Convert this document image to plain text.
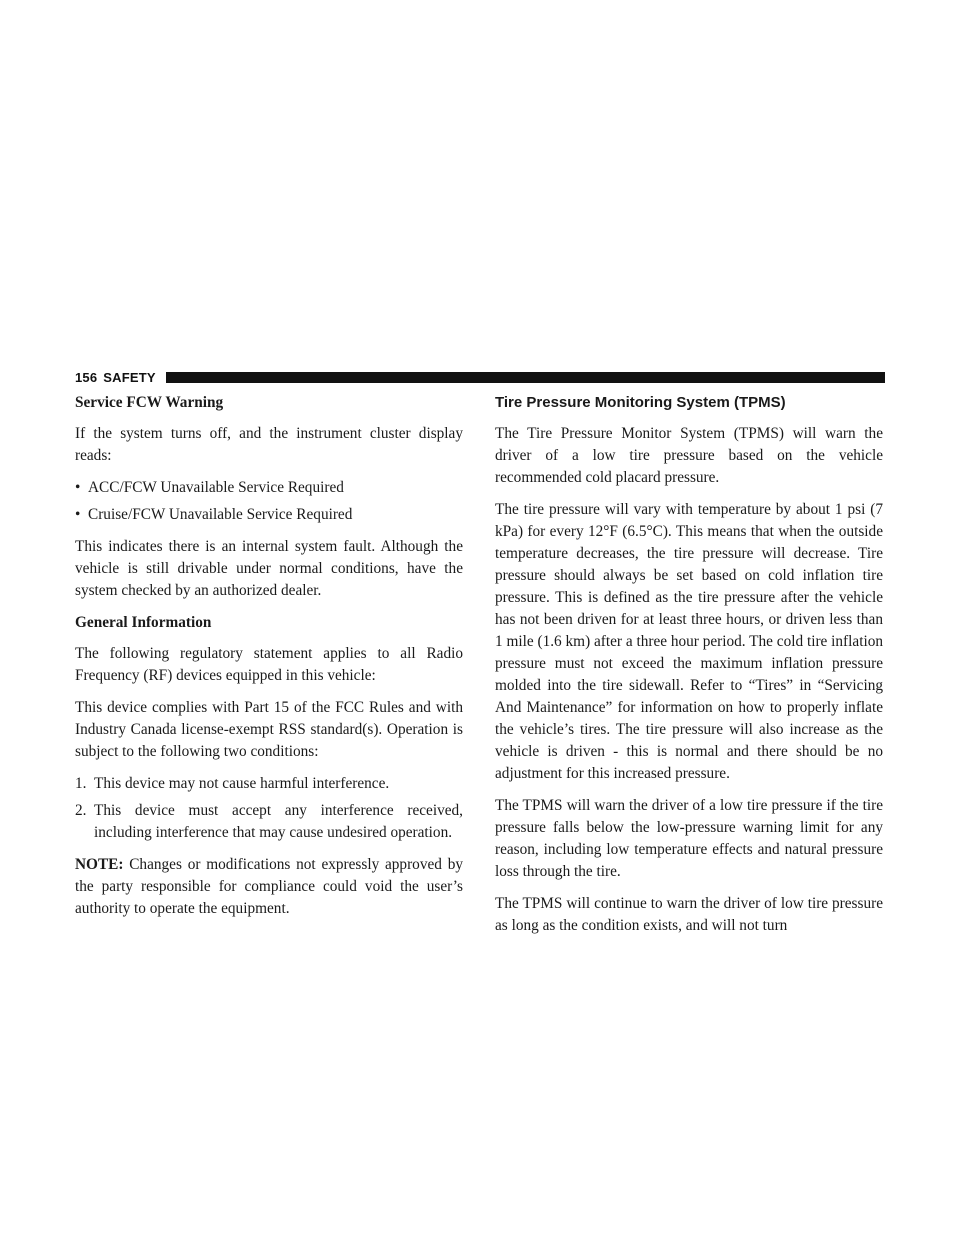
156 SAFETY
Service FCW Warning

If the system turns off, and the instrument cluster display reads:

• ACC/FCW Unavailable Service Required
• Cruise/FCW Unavailable Service Required

This indicates there is an internal system fault. Although the vehicle is still drivable under normal conditions, have the system checked by an authorized dealer.

General Information

The following regulatory statement applies to all Radio Frequency (RF) devices equipped in this vehicle:

This device complies with Part 15 of the FCC Rules and with Industry Canada license-exempt RSS standard(s). Operation is subject to the following two conditions:

1. This device may not cause harmful interference.
2. This device must accept any interference received, including interference that may cause undesired operation.

NOTE: Changes or modifications not expressly approved by the party responsible for compliance could void the user’s authority to operate the equipment.

Tire Pressure Monitoring System (TPMS)

The Tire Pressure Monitor System (TPMS) will warn the driver of a low tire pressure based on the vehicle recommended cold placard pressure.

The tire pressure will vary with temperature by about 1 psi (7 kPa) for every 12°F (6.5°C). This means that when the outside temperature decreases, the tire pressure will decrease. Tire pressure should always be set based on cold inflation tire pressure. This is defined as the tire pressure after the vehicle has not been driven for at least three hours, or driven less than 1 mile (1.6 km) after a three hour period. The cold tire inflation pressure must not exceed the maximum inflation pressure molded into the tire sidewall. Refer to “Tires” in “Servicing And Maintenance” for information on how to properly inflate the vehicle’s tires. The tire pressure will also increase as the vehicle is driven - this is normal and there should be no adjustment for this increased pressure.

The TPMS will warn the driver of a low tire pressure if the tire pressure falls below the low-pressure warning limit for any reason, including low temperature effects and natural pressure loss through the tire.

The TPMS will continue to warn the driver of low tire pressure as long as the condition exists, and will not turn
